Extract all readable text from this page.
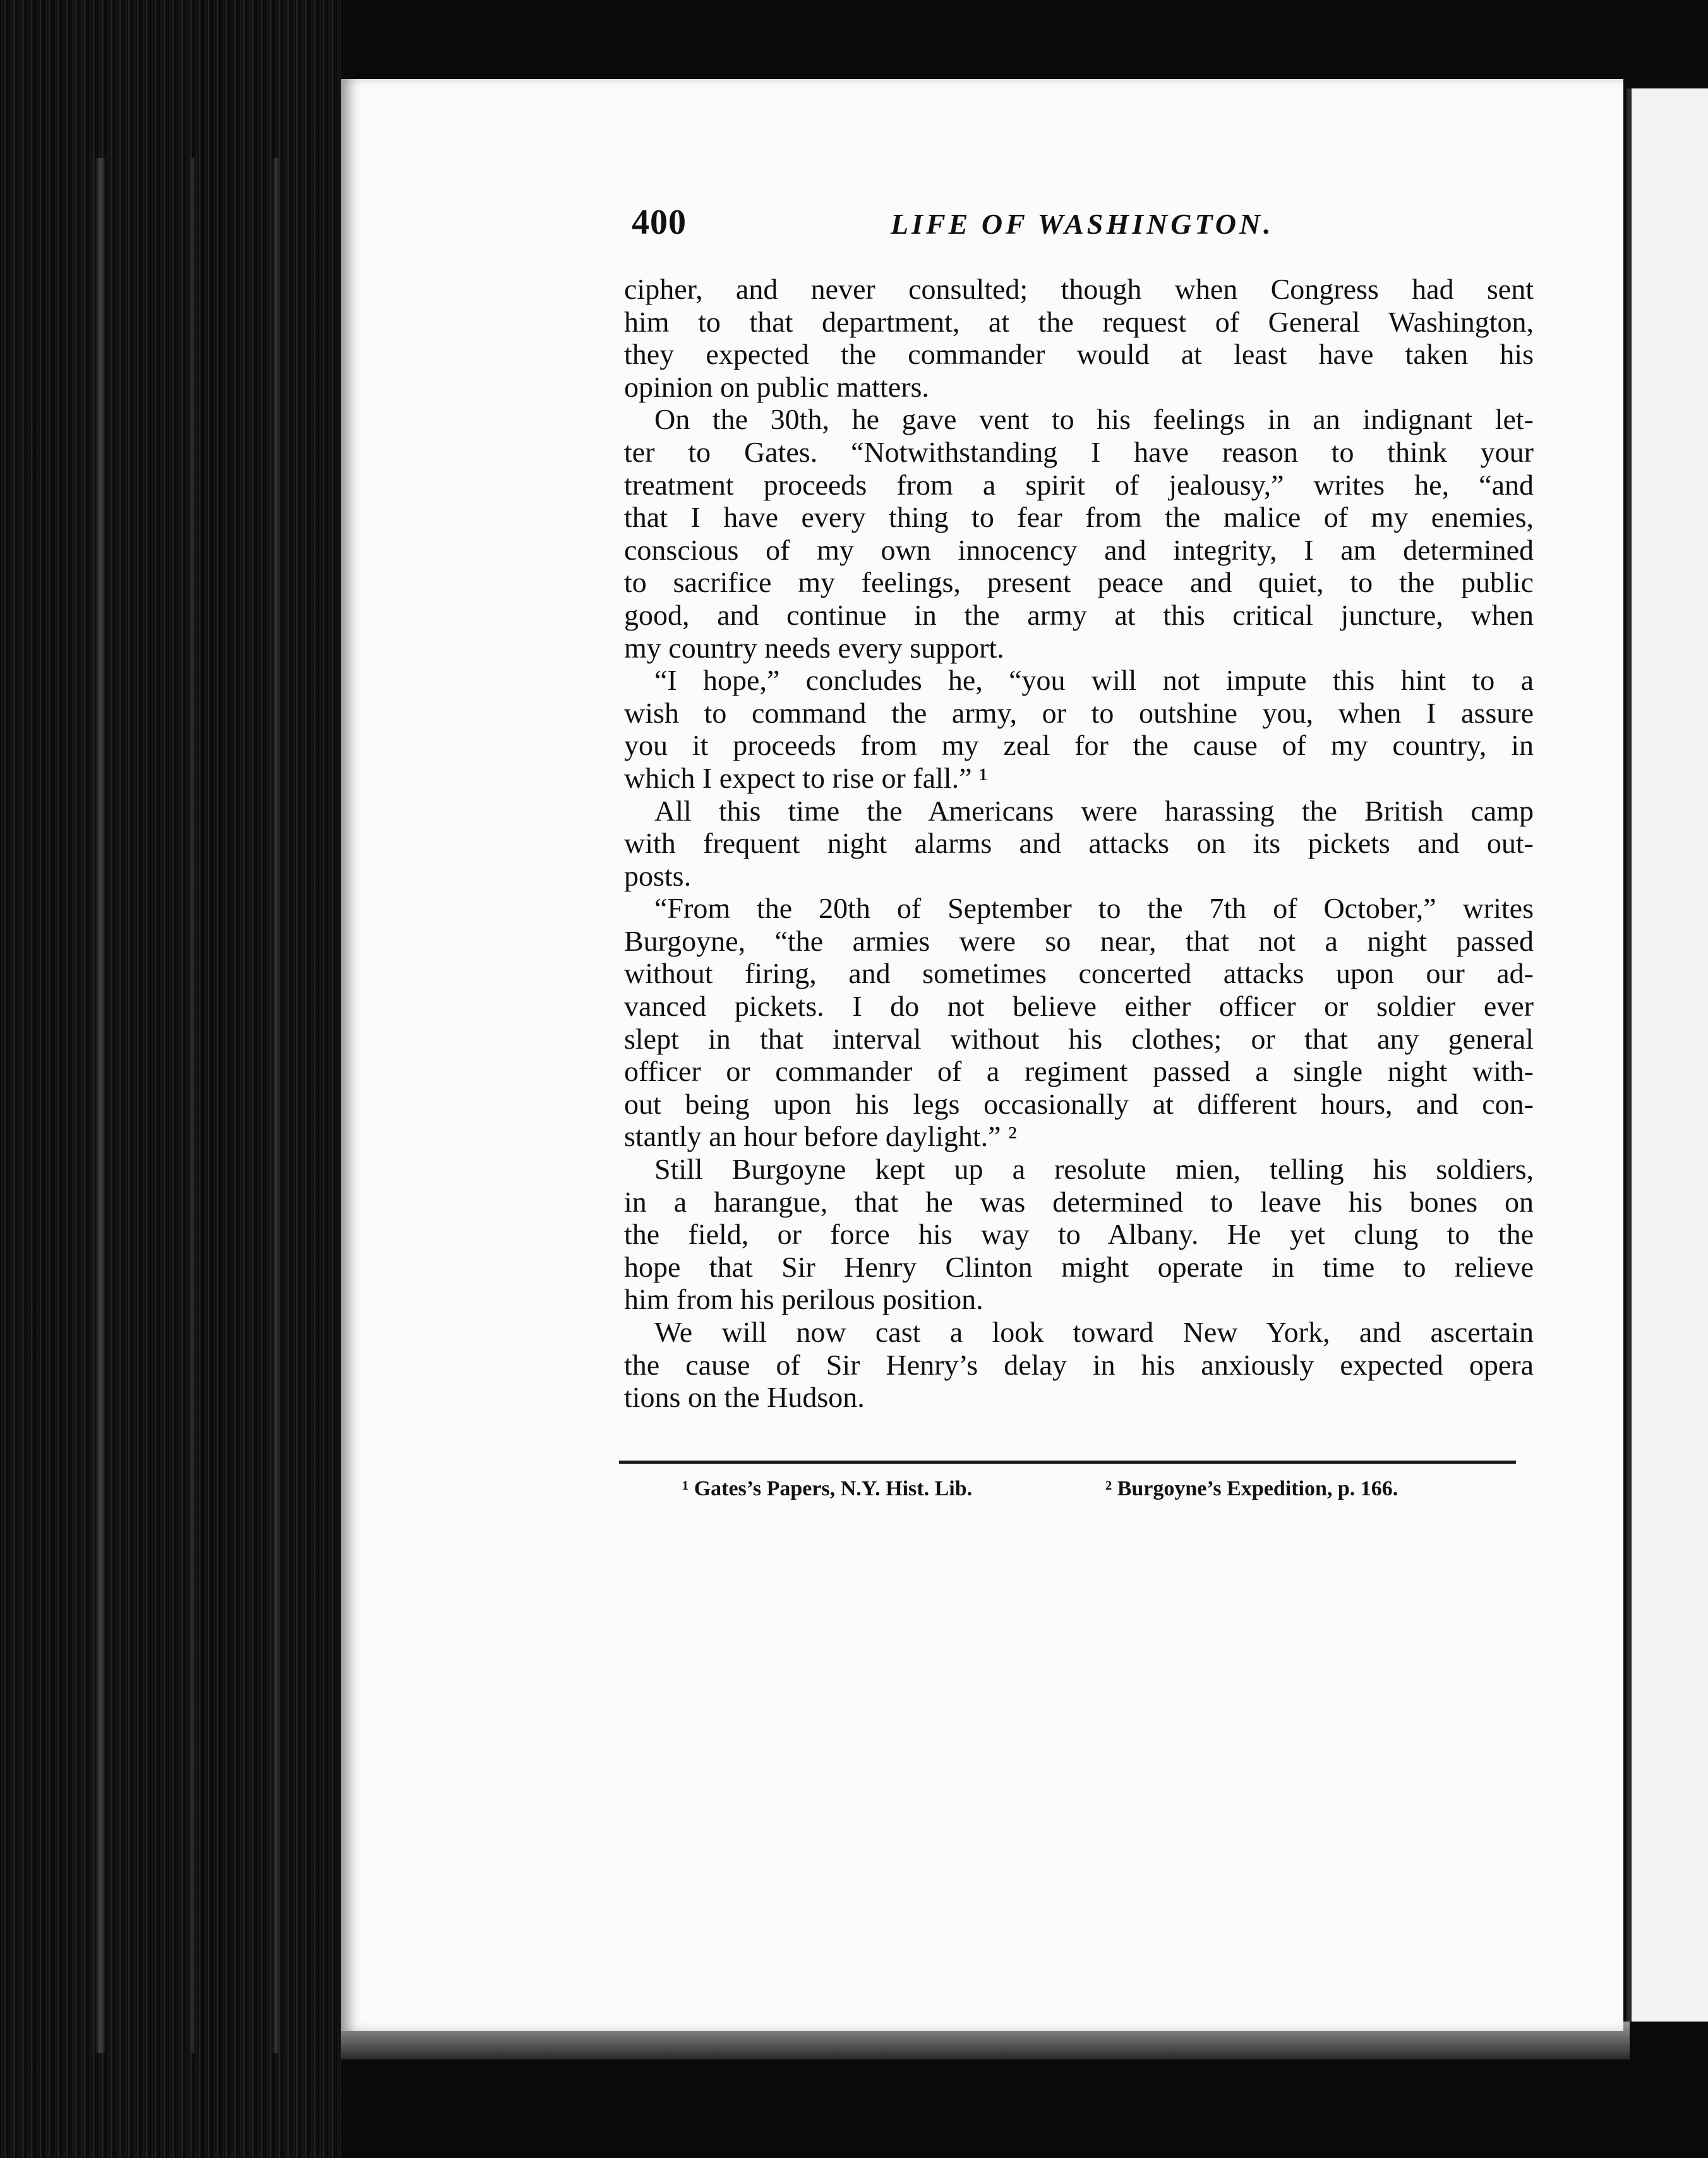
400	LIFE OF WASHINGTON.
cipher, and never consulted; though when Congress had sent
him to that department, at the request of General Washington,
they expected the commander would at least have taken his
opinion on public matters.
On the 30th, he gave vent to his feelings in an indignant let-
ter to Gates. “Notwithstanding I have reason to think your
treatment proceeds from a spirit of jealousy,” writes he, “and
that I have every thing to fear from the malice of my enemies,
conscious of my own innocency and integrity, I am determined
to sacrifice my feelings, present peace and quiet, to the public
good, and continue in the army at this critical juncture, when
my country needs every support.
“I hope,” concludes he, “you will not impute this hint to a
wish to command the army, or to outshine you, when I assure
you it proceeds from my zeal for the cause of my country, in
which I expect to rise or fall.” ¹
All this time the Americans were harassing the British camp
with frequent night alarms and attacks on its pickets and out-
posts.
“From the 20th of September to the 7th of October,” writes
Burgoyne, “the armies were so near, that not a night passed
without firing, and sometimes concerted attacks upon our ad-
vanced pickets. I do not believe either officer or soldier ever
slept in that interval without his clothes; or that any general
officer or commander of a regiment passed a single night with-
out being upon his legs occasionally at different hours, and con-
stantly an hour before daylight.” ²
Still Burgoyne kept up a resolute mien, telling his soldiers,
in a harangue, that he was determined to leave his bones on
the field, or force his way to Albany. He yet clung to the
hope that Sir Henry Clinton might operate in time to relieve
him from his perilous position.
We will now cast a look toward New York, and ascertain
the cause of Sir Henry’s delay in his anxiously expected opera
tions on the Hudson.
¹ Gates’s Papers, N.Y. Hist. Lib.	² Burgoyne’s Expedition, p. 166.
